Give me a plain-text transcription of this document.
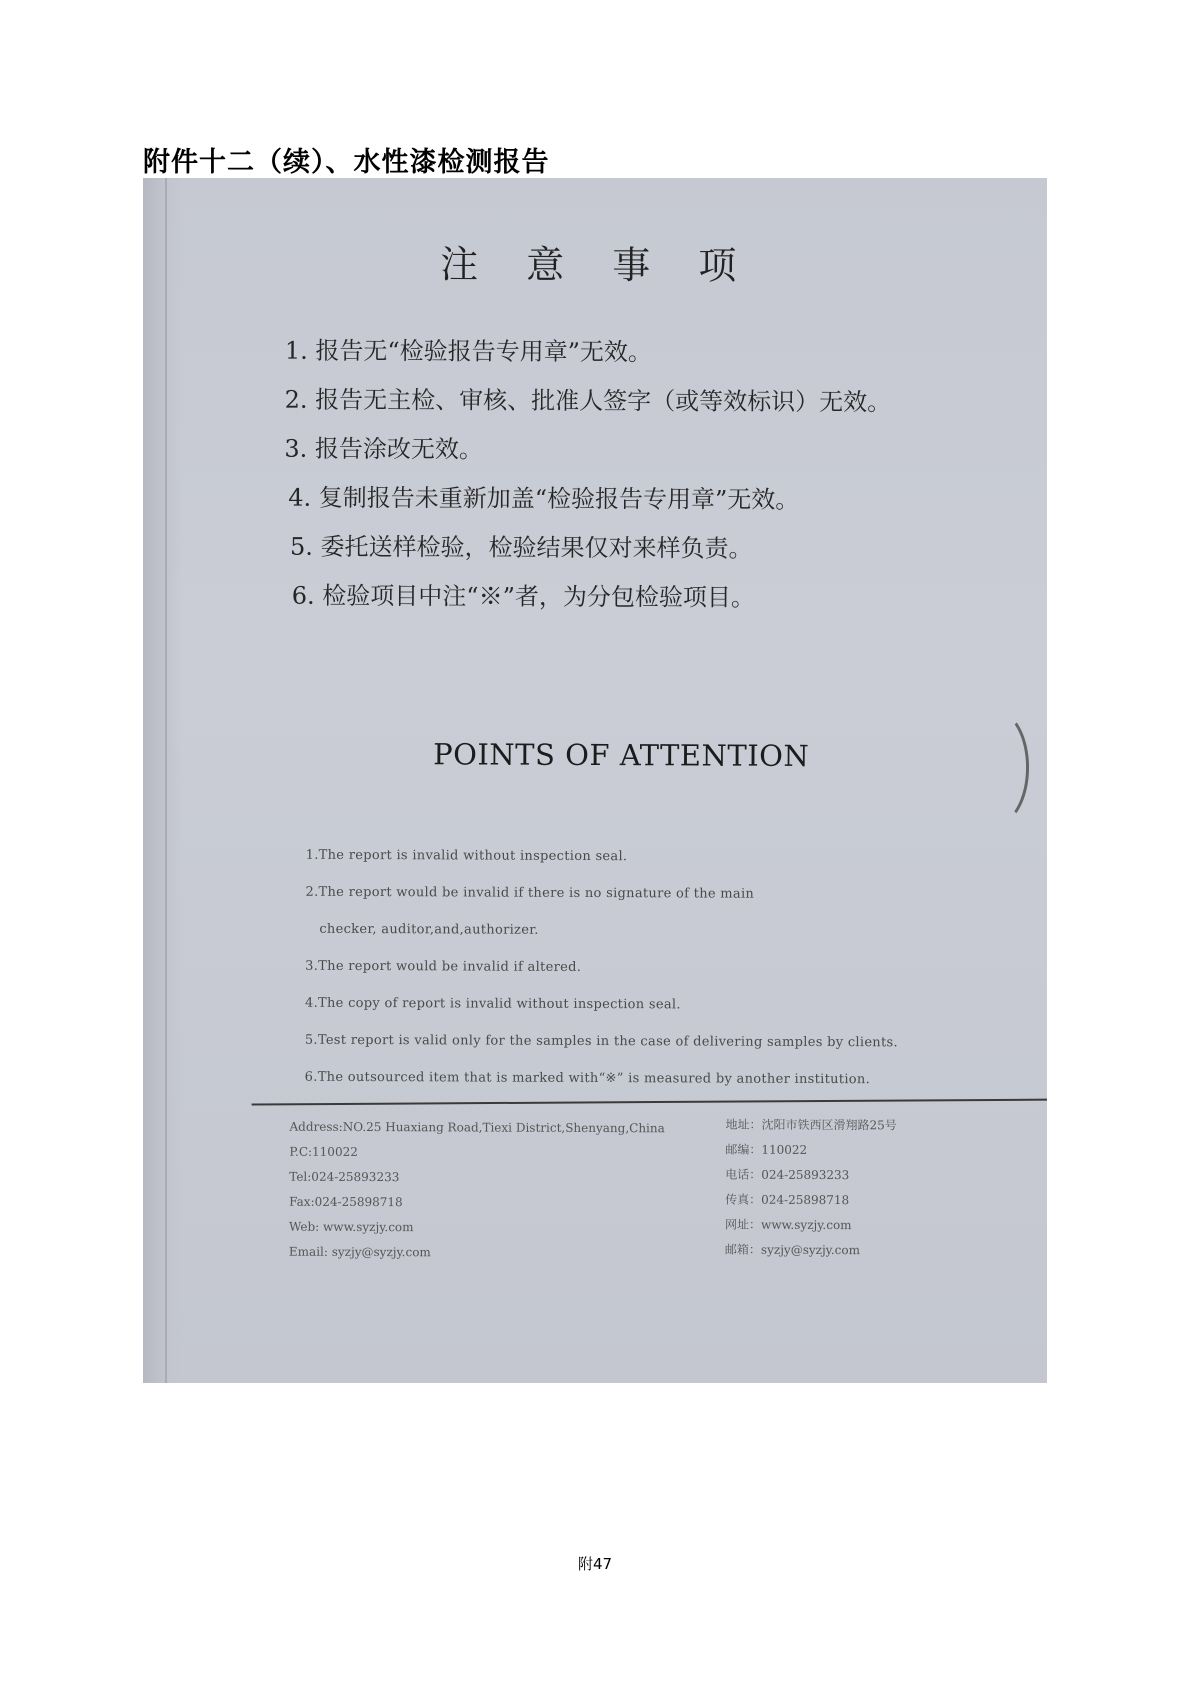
附件十二（续）、水性漆检测报告
注 意 事 项
1. 报告无“检验报告专用章”无效。
2. 报告无主检、审核、批准人签字（或等效标识）无效。
3. 报告涂改无效。
4. 复制报告未重新加盖“检验报告专用章”无效。
5. 委托送样检验，检验结果仅对来样负责。
6. 检验项目中注“※”者，为分包检验项目。
POINTS OF ATTENTION
1.The report is invalid without inspection seal.
2.The report would be invalid if there is no signature of the main
checker, auditor,and,authorizer.
3.The report would be invalid if altered.
4.The copy of report is invalid without inspection seal.
5.Test report is valid only for the samples in the case of delivering samples by clients.
6.The outsourced item that is marked with“※” is measured by another institution.
Address:NO.25 Huaxiang Road,Tiexi District,Shenyang,China
P.C:110022
Tel:024-25893233
Fax:024-25898718
Web: www.syzjy.com
Email: syzjy@syzjy.com
地址：沈阳市铁西区滑翔路25号
邮编：110022
电话：024-25893233
传真：024-25898718
网址：www.syzjy.com
邮箱：syzjy@syzjy.com
附47
